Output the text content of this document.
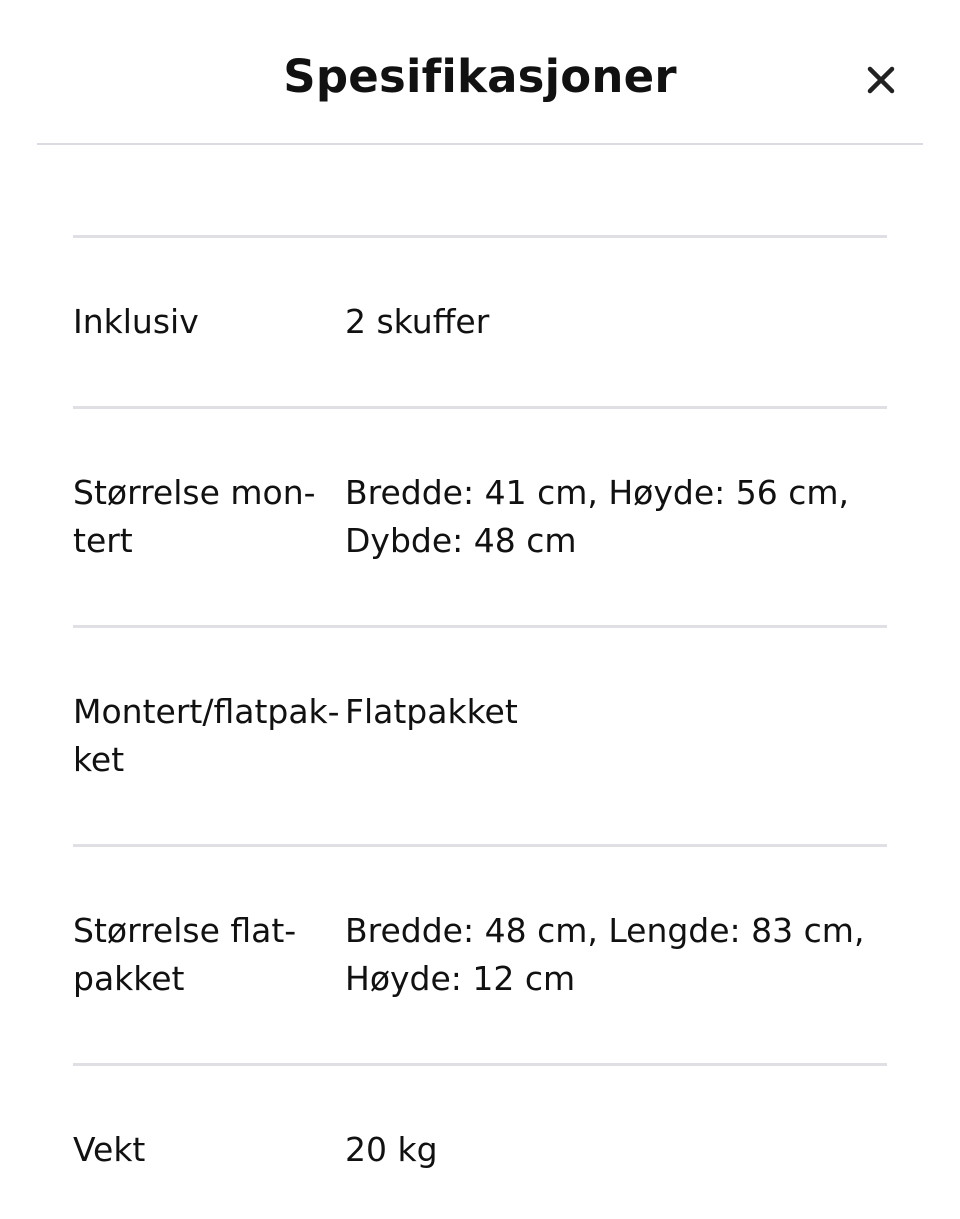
Spesifikasjoner
Inklusiv	2 skuffer
Størrelse mon-
tert
Bredde: 41 cm, Høyde: 56 cm,
Dybde: 48 cm
Montert/flatpak-
ket
Flatpakket
Størrelse flat-
pakket
Bredde: 48 cm, Lengde: 83 cm,
Høyde: 12 cm
Vekt	20 kg
